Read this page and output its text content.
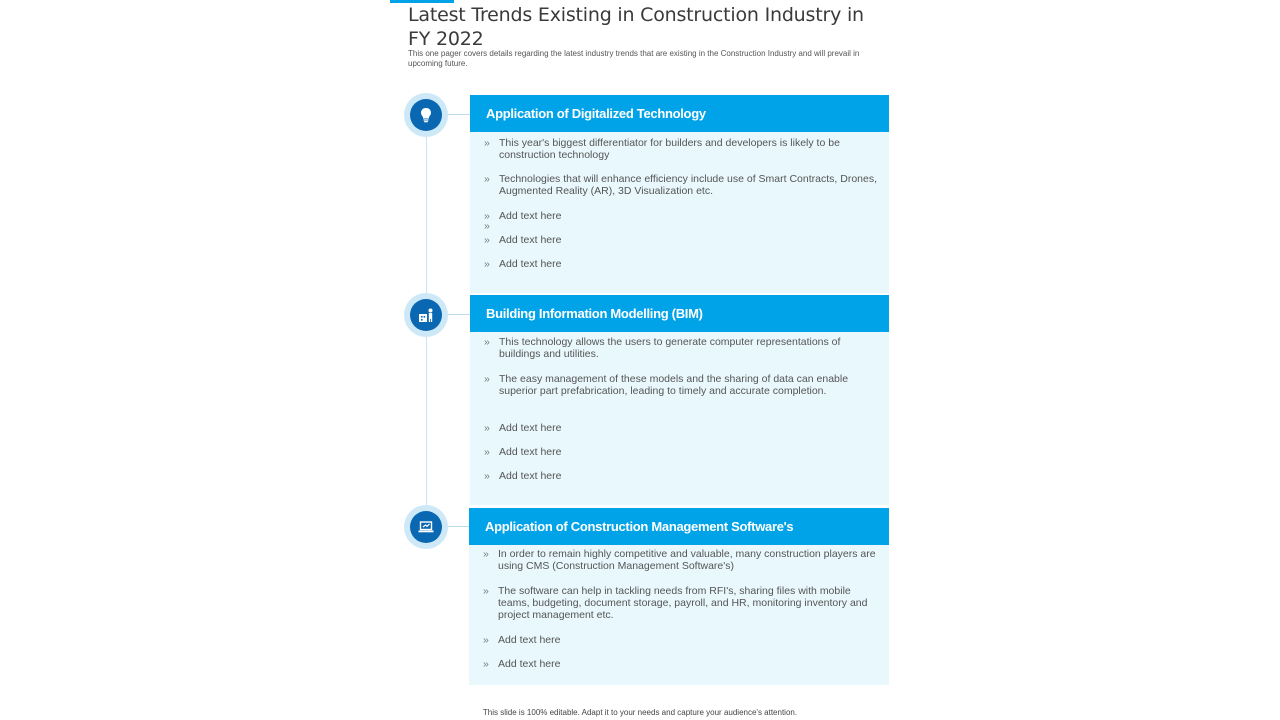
Latest Trends Existing in Construction Industry in FY 2022

This one pager covers details regarding the latest industry trends that are existing in the Construction Industry and will prevail in upcoming future.

Application of Digitalized Technology
» This year's biggest differentiator for builders and developers is likely to be construction technology
» Technologies that will enhance efficiency include use of Smart Contracts, Drones, Augmented Reality (AR), 3D Visualization etc.
» Add text here
» Add text here
» Add text here
»
Building Information Modelling (BIM)
» This technology allows the users to generate computer representations of buildings and utilities.
» The easy management of these models and the sharing of data can enable superior part prefabrication, leading to timely and accurate completion.
» Add text here
» Add text here
» Add text here
Application of Construction Management Software's
» In order to remain highly competitive and valuable, many construction players are using CMS (Construction Management Software's)
» The software can help in tackling needs from RFI's, sharing files with mobile teams, budgeting, document storage, payroll, and HR, monitoring inventory and project management etc.
» Add text here
» Add text here

This slide is 100% editable. Adapt it to your needs and capture your audience's attention.
